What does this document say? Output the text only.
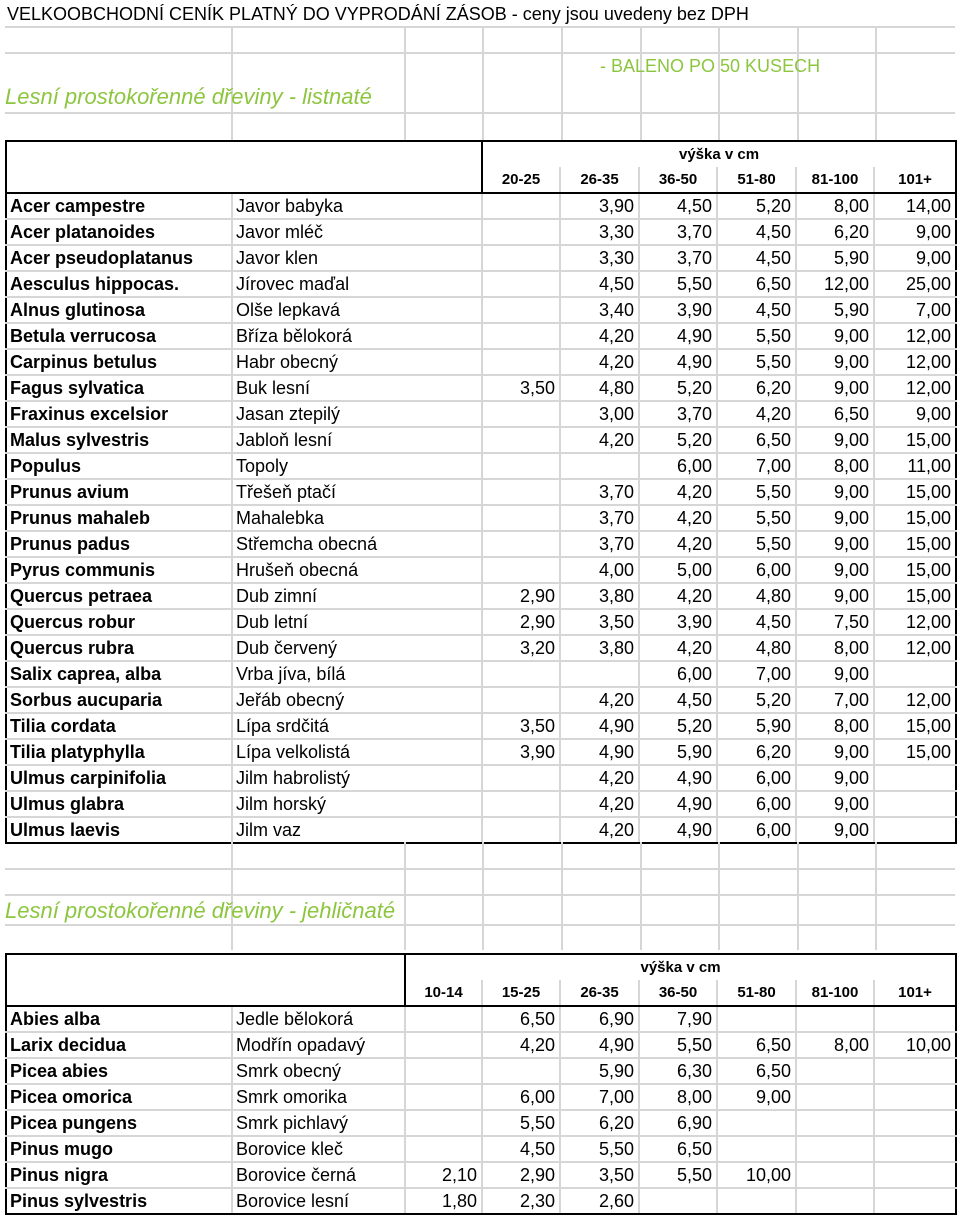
VELKOOBCHODNÍ CENÍK PLATNÝ DO VYPRODÁNÍ ZÁSOB - ceny jsou uvedeny bez DPH
- BALENO PO 50 KUSECH
Lesní prostokořenné dřeviny - listnaté
		výška v cm					
		20-25	26-35	36-50	51-80	81-100	101+
Acer campestre	Javor babyka		3,90	4,50	5,20	8,00	14,00
Acer platanoides	Javor mléč		3,30	3,70	4,50	6,20	9,00
Acer pseudoplatanus	Javor klen		3,30	3,70	4,50	5,90	9,00
Aesculus hippocas.	Jírovec maďal		4,50	5,50	6,50	12,00	25,00
Alnus glutinosa	Olše lepkavá		3,40	3,90	4,50	5,90	7,00
Betula verrucosa	Bříza bělokorá		4,20	4,90	5,50	9,00	12,00
Carpinus betulus	Habr obecný		4,20	4,90	5,50	9,00	12,00
Fagus sylvatica	Buk lesní	3,50	4,80	5,20	6,20	9,00	12,00
Fraxinus excelsior	Jasan ztepilý		3,00	3,70	4,20	6,50	9,00
Malus sylvestris	Jabloň lesní		4,20	5,20	6,50	9,00	15,00
Populus	Topoly			6,00	7,00	8,00	11,00
Prunus avium	Třešeň ptačí		3,70	4,20	5,50	9,00	15,00
Prunus mahaleb	Mahalebka		3,70	4,20	5,50	9,00	15,00
Prunus padus	Střemcha obecná		3,70	4,20	5,50	9,00	15,00
Pyrus communis	Hrušeň obecná		4,00	5,00	6,00	9,00	15,00
Quercus petraea	Dub zimní	2,90	3,80	4,20	4,80	9,00	15,00
Quercus robur	Dub letní	2,90	3,50	3,90	4,50	7,50	12,00
Quercus rubra	Dub červený	3,20	3,80	4,20	4,80	8,00	12,00
Salix caprea, alba	Vrba jíva, bílá			6,00	7,00	9,00	
Sorbus aucuparia	Jeřáb obecný		4,20	4,50	5,20	7,00	12,00
Tilia cordata	Lípa srdčitá	3,50	4,90	5,20	5,90	8,00	15,00
Tilia platyphylla	Lípa velkolistá	3,90	4,90	5,90	6,20	9,00	15,00
Ulmus carpinifolia	Jilm habrolistý		4,20	4,90	6,00	9,00	
Ulmus glabra	Jilm horský		4,20	4,90	6,00	9,00	
Ulmus laevis	Jilm vaz		4,20	4,90	6,00	9,00	
Lesní prostokořenné dřeviny - jehličnaté
		výška v cm						
		10-14	15-25	26-35	36-50	51-80	81-100	101+
Abies alba	Jedle bělokorá		6,50	6,90	7,90			
Larix decidua	Modřín opadavý		4,20	4,90	5,50	6,50	8,00	10,00
Picea abies	Smrk obecný			5,90	6,30	6,50		
Picea omorica	Smrk omorika		6,00	7,00	8,00	9,00		
Picea pungens	Smrk pichlavý		5,50	6,20	6,90			
Pinus mugo	Borovice kleč		4,50	5,50	6,50			
Pinus nigra	Borovice černá	2,10	2,90	3,50	5,50	10,00		
Pinus sylvestris	Borovice lesní	1,80	2,30	2,60				
